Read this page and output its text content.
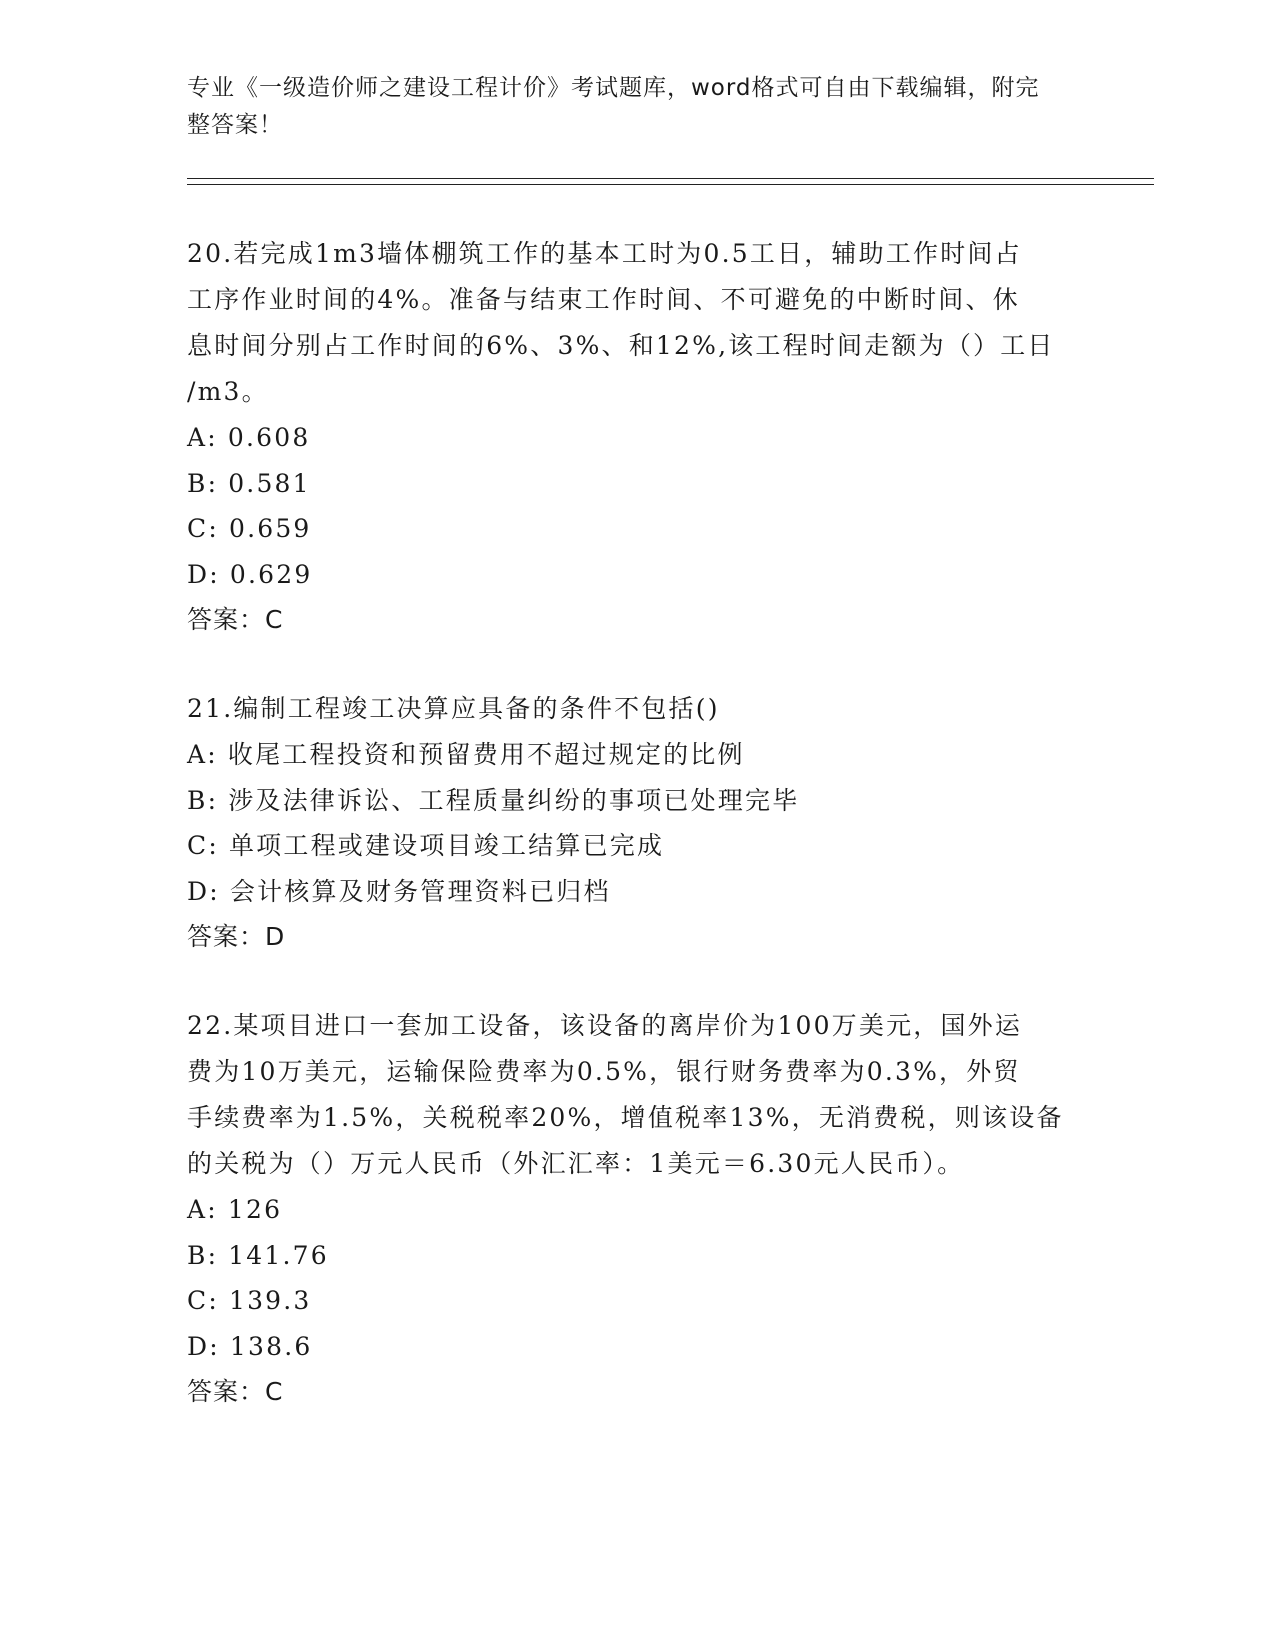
专业《一级造价师之建设工程计价》考试题库，word格式可自由下载编辑，附完
整答案！

20.若完成1m3墙体棚筑工作的基本工时为0.5工日，辅助工作时间占

工序作业时间的4%。准备与结束工作时间、不可避免的中断时间、休

息时间分别占工作时间的6%、3%、和12%,该工程时间走额为（）工日

/m3。

A: 0.608

B: 0.581

C: 0.659

D: 0.629

答案：C

21.编制工程竣工决算应具备的条件不包括()

A: 收尾工程投资和预留费用不超过规定的比例

B: 涉及法律诉讼、工程质量纠纷的事项已处理完毕

C: 单项工程或建设项目竣工结算已完成

D: 会计核算及财务管理资料已归档

答案：D

22.某项目进口一套加工设备，该设备的离岸价为100万美元，国外运

费为10万美元，运输保险费率为0.5%，银行财务费率为0.3%，外贸

手续费率为1.5%，关税税率20%，增值税率13%，无消费税，则该设备

的关税为（）万元人民币（外汇汇率：1美元＝6.30元人民币）。

A: 126

B: 141.76

C: 139.3

D: 138.6

答案：C
